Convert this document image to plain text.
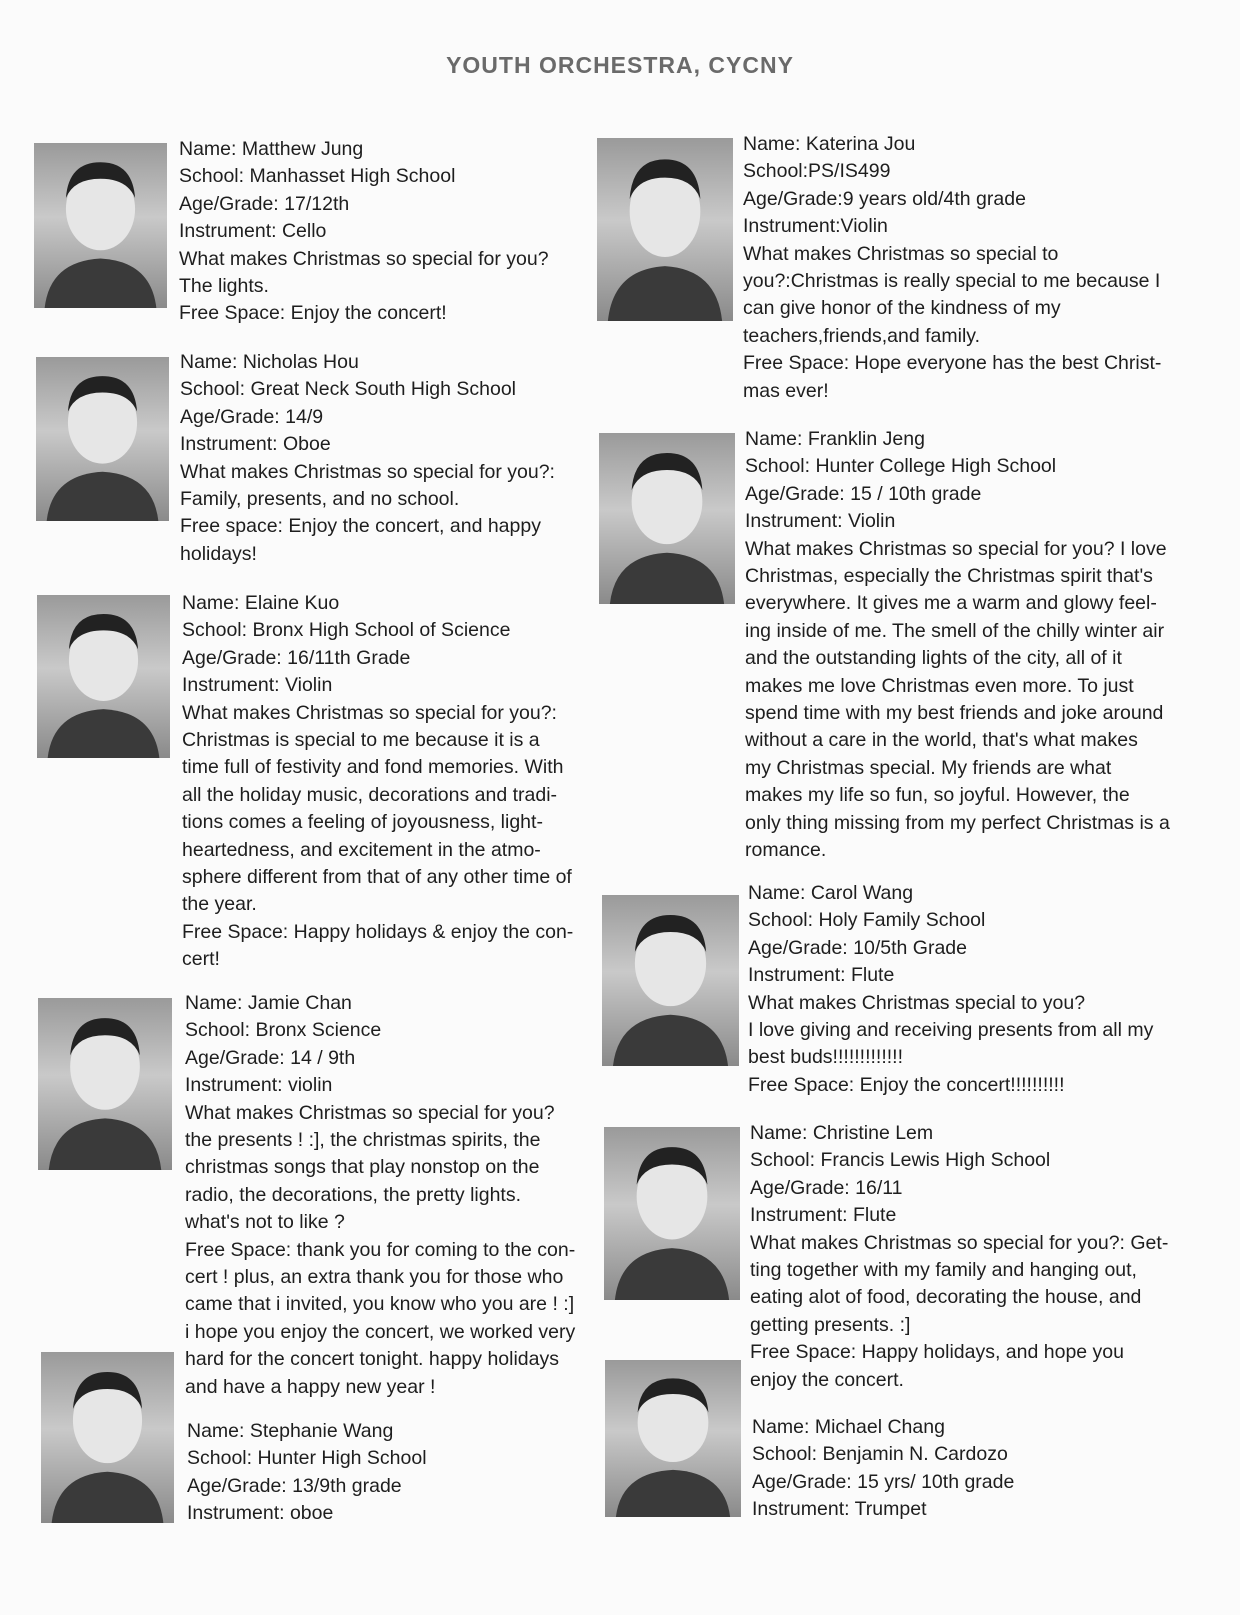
YOUTH ORCHESTRA, CYCNY
Name: Matthew Jung
School: Manhasset High School
Age/Grade: 17/12th
Instrument: Cello
What makes Christmas so special for you?
The lights.
Free Space: Enjoy the concert!
Name: Nicholas Hou
School: Great Neck South High School
Age/Grade: 14/9
Instrument: Oboe
What makes Christmas so special for you?:
Family, presents, and no school.
Free space: Enjoy the concert, and happy
holidays!
Name: Elaine Kuo
School: Bronx High School of Science
Age/Grade: 16/11th Grade
Instrument: Violin
What makes Christmas so special for you?:
Christmas is special to me because it is a
time full of festivity and fond memories. With
all the holiday music, decorations and tradi-
tions comes a feeling of joyousness, light-
heartedness, and excitement in the atmo-
sphere different from that of any other time of
the year.
Free Space: Happy holidays & enjoy the con-
cert!
Name: Jamie Chan
School: Bronx Science
Age/Grade: 14 / 9th
Instrument: violin
What makes Christmas so special for you?
the presents ! :], the christmas spirits, the
christmas songs that play nonstop on the
radio, the decorations, the pretty lights.
what's not to like ?
Free Space: thank you for coming to the con-
cert ! plus, an extra thank you for those who
came that i invited, you know who you are ! :]
i hope you enjoy the concert, we worked very
hard for the concert tonight. happy holidays
and have a happy new year !
Name: Stephanie Wang
School: Hunter High School
Age/Grade: 13/9th grade
Instrument: oboe
Name: Katerina Jou
School:PS/IS499
Age/Grade:9 years old/4th grade
Instrument:Violin
What makes Christmas so special to
you?:Christmas is really special to me because I
can give honor of the kindness of my
teachers,friends,and family.
Free Space: Hope everyone has the best Christ-
mas ever!
Name: Franklin Jeng
School: Hunter College High School
Age/Grade: 15 / 10th grade
Instrument: Violin
What makes Christmas so special for you? I love
Christmas, especially the Christmas spirit that's
everywhere. It gives me a warm and glowy feel-
ing inside of me. The smell of the chilly winter air
and the outstanding lights of the city, all of it
makes me love Christmas even more. To just
spend time with my best friends and joke around
without a care in the world, that's what makes
my Christmas special. My friends are what
makes my life so fun, so joyful. However, the
only thing missing from my perfect Christmas is a
romance.
Name: Carol Wang
School: Holy Family School
Age/Grade: 10/5th Grade
Instrument: Flute
What makes Christmas special to you?
I love giving and receiving presents from all my
best buds!!!!!!!!!!!!!
Free Space: Enjoy the concert!!!!!!!!!!
Name: Christine Lem
School: Francis Lewis High School
Age/Grade: 16/11
Instrument: Flute
What makes Christmas so special for you?: Get-
ting together with my family and hanging out,
eating alot of food, decorating the house, and
getting presents. :]
Free Space: Happy holidays, and hope you
enjoy the concert.
Name: Michael Chang
School: Benjamin N. Cardozo
Age/Grade: 15 yrs/ 10th grade
Instrument: Trumpet
